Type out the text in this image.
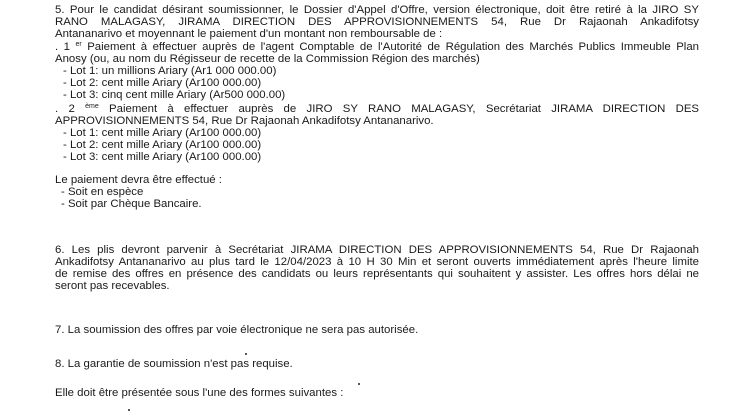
5. Pour le candidat désirant soumissionner, le Dossier d'Appel d'Offre, version électronique, doit être retiré à la JIRO SY
RANO MALAGASY, JIRAMA DIRECTION DES APPROVISIONNEMENTS 54, Rue Dr Rajaonah Ankadifotsy
Antananarivo et moyennant le paiement d'un montant non remboursable de :
. 1 $^{er}$ Paiement à effectuer auprès de l'agent Comptable de l'Autorité de Régulation des Marchés Publics Immeuble Plan
Anosy (ou, au nom du Régisseur de recette de la Commission Région des marchés)
- Lot 1: un millions Ariary (Ar1 000 000.00)
- Lot 2: cent mille Ariary (Ar100 000.00)
- Lot 3: cinq cent mille Ariary (Ar500 000.00)
. 2 $^{ème}$ Paiement à effectuer auprès de JIRO SY RANO MALAGASY, Secrétariat JIRAMA DIRECTION DES
APPROVISIONNEMENTS 54, Rue Dr Rajaonah Ankadifotsy Antananarivo.
- Lot 1: cent mille Ariary (Ar100 000.00)
- Lot 2: cent mille Ariary (Ar100 000.00)
- Lot 3: cent mille Ariary (Ar100 000.00)
Le paiement devra être effectué :
- Soit en espèce
- Soit par Chèque Bancaire.
6. Les plis devront parvenir à Secrétariat JIRAMA DIRECTION DES APPROVISIONNEMENTS 54, Rue Dr Rajaonah
Ankadifotsy Antananarivo au plus tard le 12/04/2023 à 10 H 30 Min et seront ouverts immédiatement après l'heure limite
de remise des offres en présence des candidats ou leurs représentants qui souhaitent y assister. Les offres hors délai ne
seront pas recevables.
7. La soumission des offres par voie électronique ne sera pas autorisée.
8. La garantie de soumission n'est pas requise.
Elle doit être présentée sous l'une des formes suivantes :
